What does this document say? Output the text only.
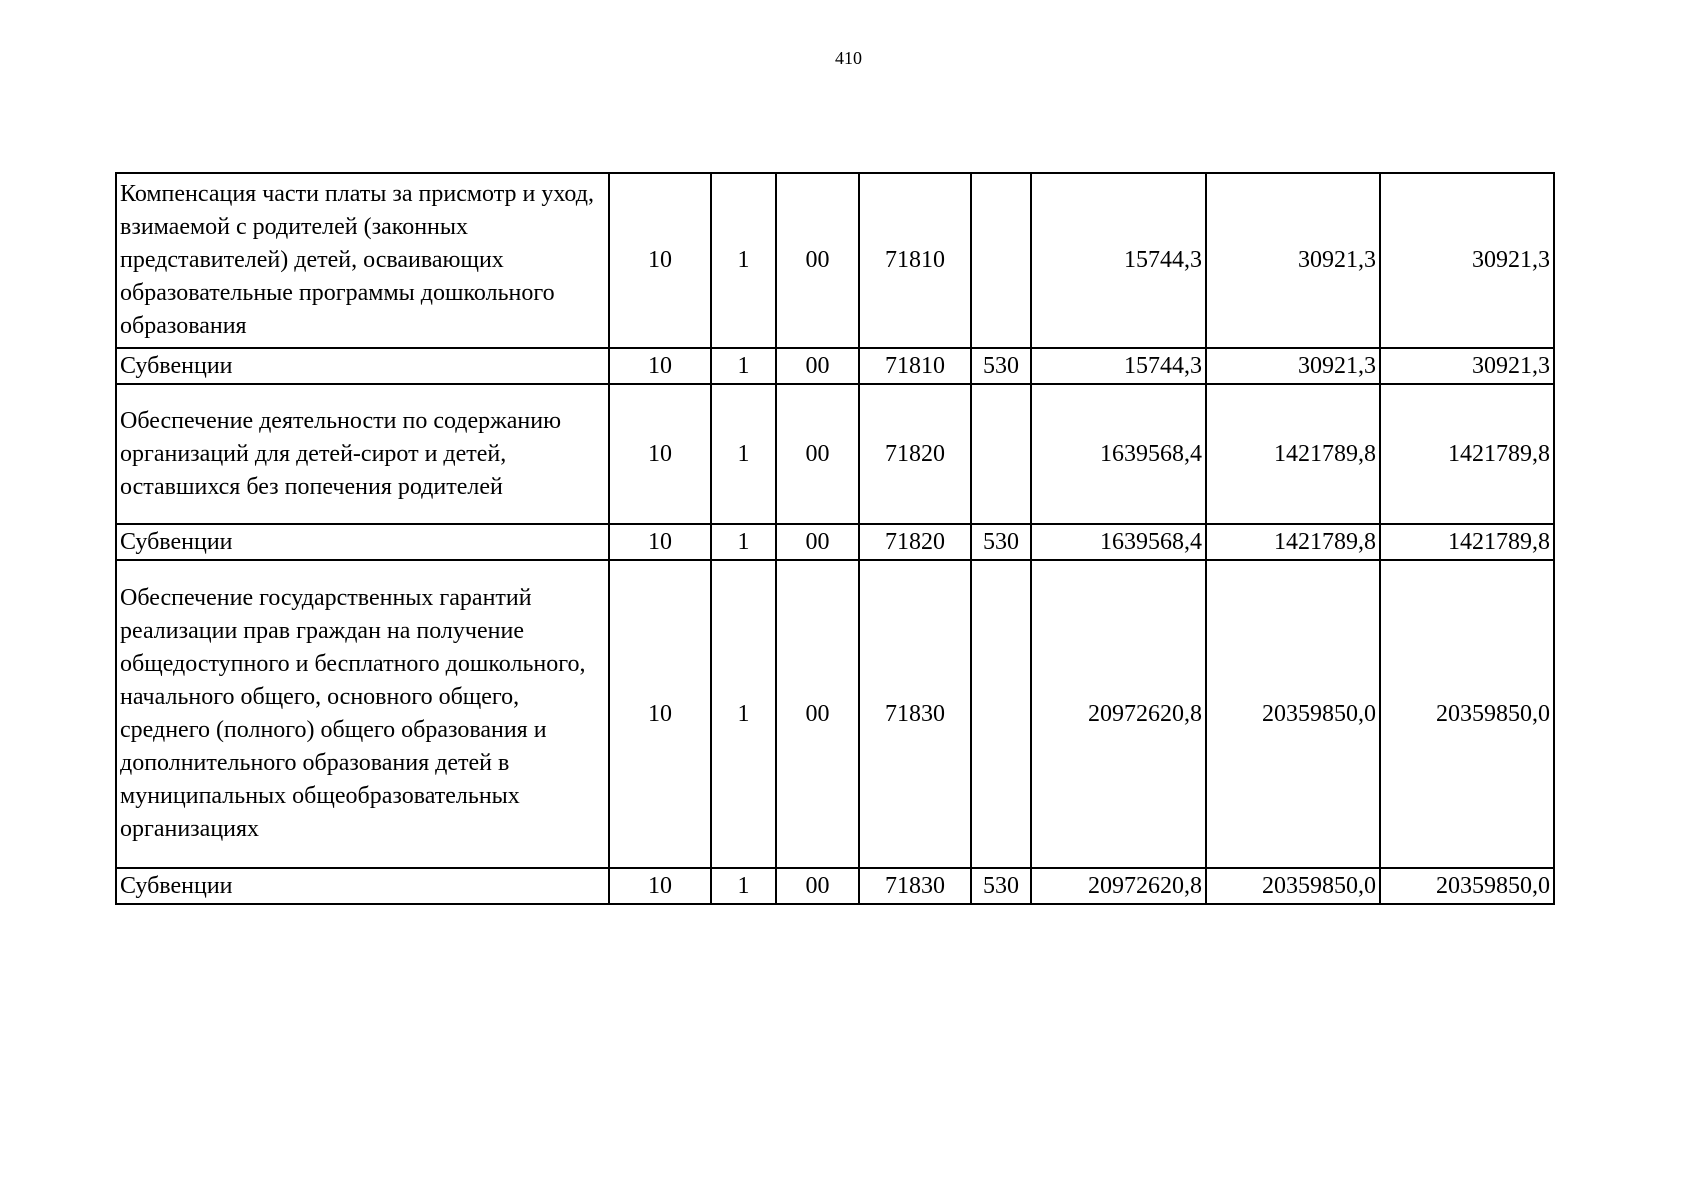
410
Компенсация части платы за присмотр и уход, взимаемой с родителей (законных представителей) детей, осваивающих образовательные программы дошкольного образования	10	1	00	71810		15744,3	30921,3	30921,3
Субвенции	10	1	00	71810	530	15744,3	30921,3	30921,3
Обеспечение деятельности по содержанию организаций для детей-сирот и детей, оставшихся без попечения родителей	10	1	00	71820		1639568,4	1421789,8	1421789,8
Субвенции	10	1	00	71820	530	1639568,4	1421789,8	1421789,8
Обеспечение государственных гарантий реализации прав граждан на получение общедоступного и бесплатного дошкольного, начального общего, основного общего, среднего (полного) общего образования и дополнительного образования детей в муниципальных общеобразовательных организациях	10	1	00	71830		20972620,8	20359850,0	20359850,0
Субвенции	10	1	00	71830	530	20972620,8	20359850,0	20359850,0
